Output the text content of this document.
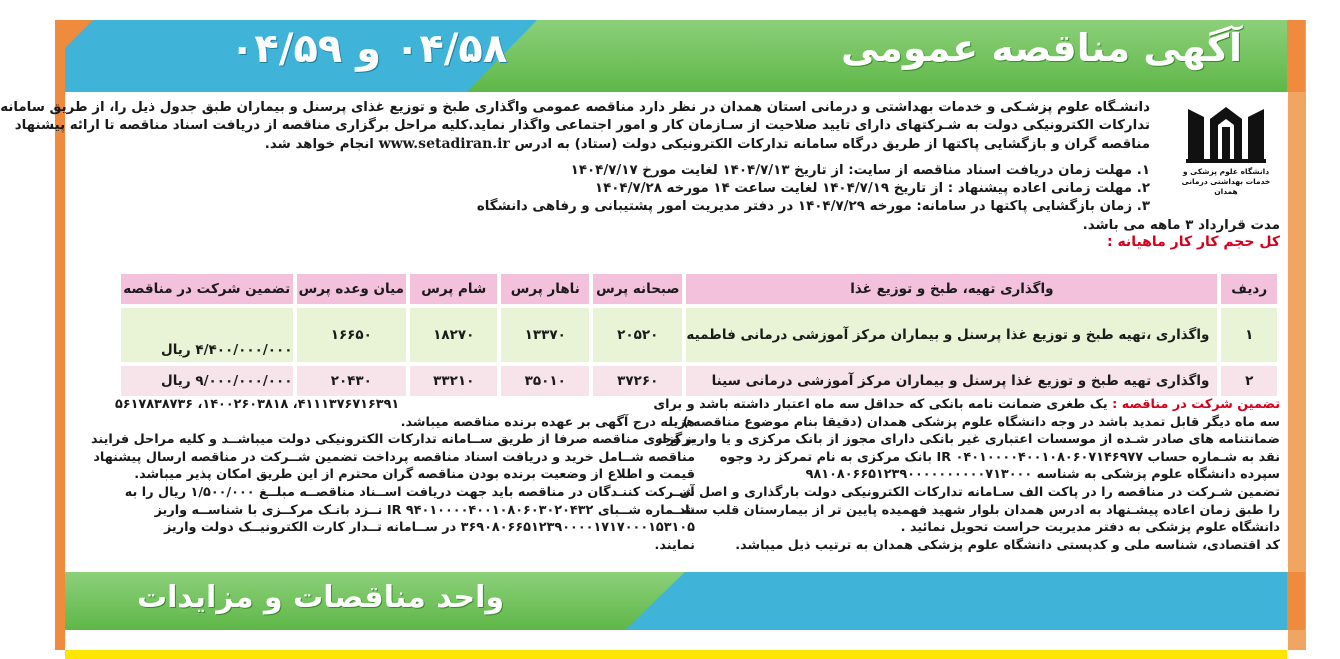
آگهی مناقصه عمومی
۰۴/۵۸ و ۰۴/۵۹
دانشگاه علوم پزشکی و
خدمات بهداشتی درمانی همدان
دانشـگاه علوم پزشـکی و خدمات بهداشتی و درمانی استان همدان در نظر دارد مناقصه عمومی واگذاری طبخ و توزیع غذای پرسنل و بیماران طبق جدول ذیل را، از طریق سامانه
تدارکات الکترونیکی دولت به شـرکتهای دارای تایید صلاحیت از سـازمان کار و امور اجتماعی واگذار نماید.کلیه مراحل برگزاری مناقصه از دریافت اسناد مناقصه تا ارائه پیشنهاد
مناقصه گران و بازگشایی پاکتها از طریق درگاه سامانه تدارکات الکترونیکی دولت (ستاد) به ادرس www.setadiran.ir انجام خواهد شد.
۱. مهلت زمان دریافت اسناد مناقصه از سایت: از تاریخ ۱۴۰۴/۷/۱۳ لغایت مورخ ۱۴۰۴/۷/۱۷
۲. مهلت زمانی اعاده پیشنهاد : از تاریخ ۱۴۰۴/۷/۱۹ لغایت ساعت ۱۴ مورخه ۱۴۰۴/۷/۲۸
۳. زمان بازگشایی پاکتها در سامانه: مورخه ۱۴۰۴/۷/۲۹ در دفتر مدیریت امور پشتیبانی و رفاهی دانشگاه
مدت قرارداد ۳ ماهه می باشد.
کل حجم کار کار ماهیانه :
ردیف	واگذاری تهیه، طبخ و توزیع غذا	صبحانه پرس	ناهار پرس	شام پرس	میان وعده پرس	تضمین شرکت در مناقصه
۱	واگذاری ،تهیه طبخ و توزیع غذا پرسنل و بیماران مرکز آموزشی درمانی فاطمیه	۲۰۵۲۰	۱۳۳۷۰	۱۸۲۷۰	۱۶۶۵۰	۴/۴۰۰/۰۰۰/۰۰۰ ریال
۲	واگذاری تهیه طبخ و توزیع غذا پرسنل و بیماران مرکز آموزشی درمانی سینا	۳۷۲۶۰	۳۵۰۱۰	۳۳۲۱۰	۲۰۴۳۰	۹/۰۰۰/۰۰۰/۰۰۰ ریال
تضمین شرکت در مناقصه : یک طغری ضمانت نامه بانکی که حداقل سه ماه اعتبار داشته باشد و برای
سه ماه دیگر قابل تمدید باشد در وجه دانشگاه علوم پزشکی همدان (دقیقا بنام موضوع مناقصه ) یا
ضمانتنامه های صادر شـده از موسسات اعتباری غیر بانکی دارای مجوز از بانک مرکزی و یا واریز وجه
نقد به شـماره حساب IR ۰۴۰۱۰۰۰۰۴۰۰۱۰۸۰۶۰۷۱۴۶۹۷۷ بانک مرکزی به نام تمرکز رد وجوه
سپرده دانشگاه علوم پزشکی به شناسه ۹۸۱۰۸۰۶۶۵۱۲۳۹۰۰۰۰۰۰۰۰۰۰۷۱۳۰۰۰
تضمین شـرکت در مناقصه را در پاکت الف سـامانه تدارکات الکترونیکی دولت بارگذاری و اصل آن
را طبق زمان اعاده پیشـنهاد به ادرس همدان بلوار شهید فهمیده پایین تر از بیمارستان قلب ستاد
دانشگاه علوم پزشکی به دفتر مدیریت حراست تحویل نمائید .
کد اقتصادی، شناسه ملی و کدپستی دانشگاه علوم پزشکی همدان به ترتیب ذیل میباشد.
۵۶۱۷۸۳۸۷۳۶ ،۱۴۰۰۲۶۰۳۸۱۸ ،۴۱۱۱۳۷۶۷۱۶۳۹۱
هزینه درج آگهی بر عهده برنده مناقصه میباشد.
برگزاری مناقصه صرفا از طریق ســامانه تدارکات الکترونیکی دولت میباشــد و کلیه مراحل فرایند
مناقصه شــامل خرید و دریافت اسناد مناقصه پرداخت تضمین شــرکت در مناقصه ارسال پیشنهاد
قیمت و اطلاع از وضعیت برنده بودن مناقصه گران محترم از این طریق امکان پذیر میباشد.
شــرکت کننـدگان در مناقصه باید جهت دریافت اســناد مناقصــه مبلــغ ۱/۵۰۰/۰۰۰ ریال را به
شــماره شــبای IR ۹۴۰۱۰۰۰۰۴۰۰۱۰۸۰۶۰۳۰۲۰۴۳۲ نــزد بانـک مرکــزی با شناســه واریز
۳۶۹۰۸۰۶۶۵۱۲۳۹۰۰۰۰۱۷۱۷۰۰۰۱۵۳۱۰۵ در ســامانه تــدار کارت الکترونیــک دولت واریز
نمایند.
واحد مناقصات و مزایدات
